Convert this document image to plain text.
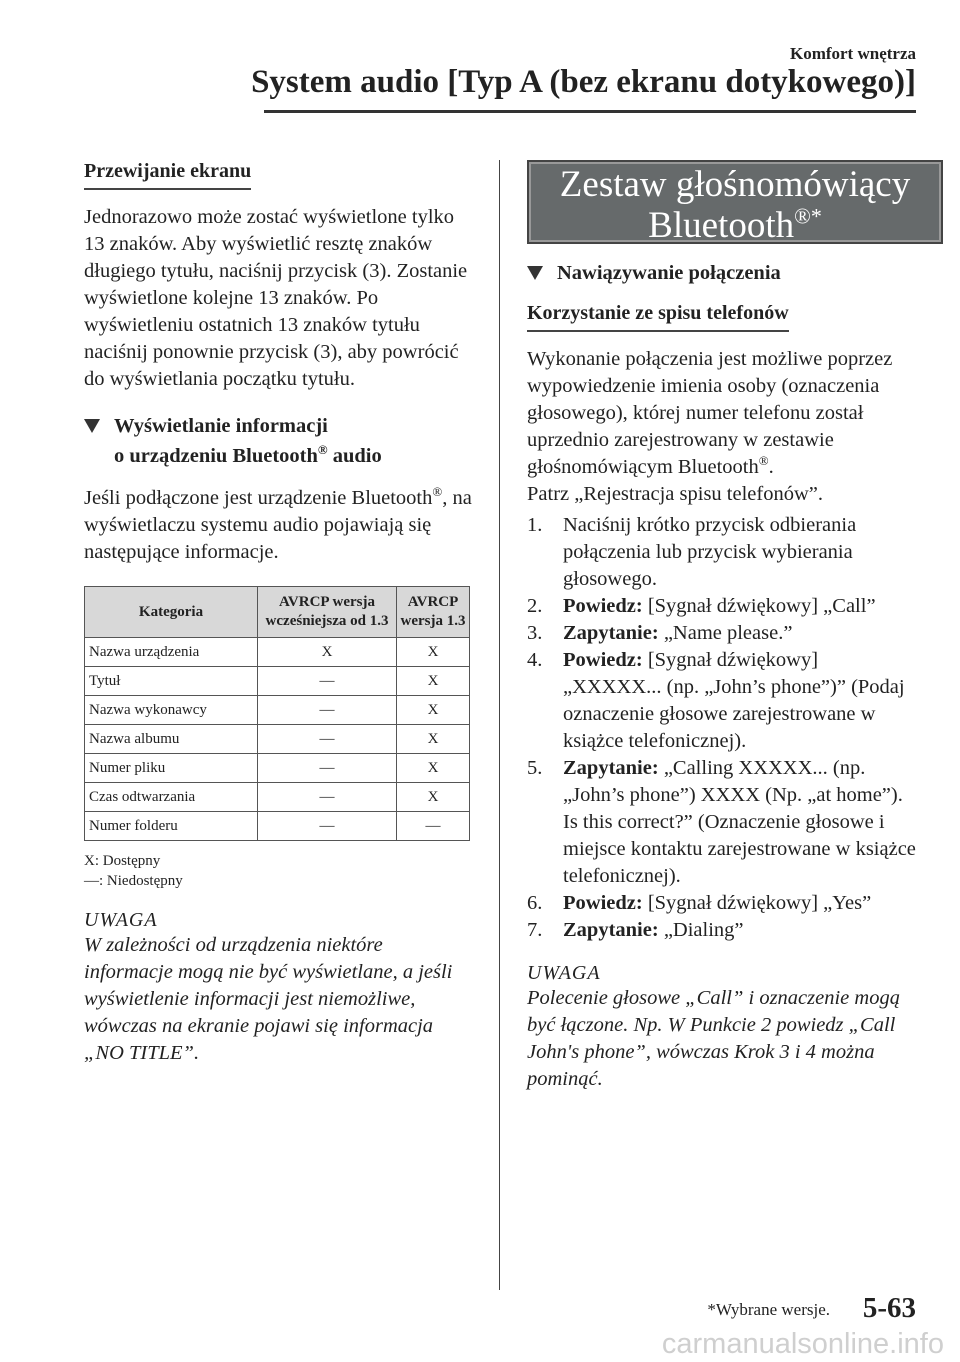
Komfort wnętrza
System audio [Typ A (bez ekranu dotykowego)]
Przewijanie ekranu

Jednorazowo może zostać wyświetlone tylko 13 znaków. Aby wyświetlić resztę znaków długiego tytułu, naciśnij przycisk (3). Zostanie wyświetlone kolejne 13 znaków. Po wyświetleniu ostatnich 13 znaków tytułu naciśnij ponownie przycisk (3), aby powrócić do wyświetlania początku tytułu.

Wyświetlanie informacji
o urządzeniu Bluetooth® audio

Jeśli podłączone jest urządzenie Bluetooth®, na wyświetlaczu systemu audio pojawiają się następujące informacje.

Kategoria	AVRCP wersja wcześniejsza od 1.3	AVRCP wersja 1.3
Nazwa urządzenia	X	X
Tytuł	—	X
Nazwa wykonawcy	—	X
Nazwa albumu	—	X
Numer pliku	—	X
Czas odtwarzania	—	X
Numer folderu	—	—
X: Dostępny
—: Niedostępny
UWAGA
W zależności od urządzenia niektóre informacje mogą nie być wyświetlane, a jeśli wyświetlenie informacji jest niemożliwe, wówczas na ekranie pojawi się informacja „NO TITLE”.
Zestaw głośnomówiący
Bluetooth®*
Nawiązywanie połączenia
Korzystanie ze spisu telefonów

Wykonanie połączenia jest możliwe poprzez wypowiedzenie imienia osoby (oznaczenia głosowego), której numer telefonu został uprzednio zarejestrowany w zestawie głośnomówiącym Bluetooth®.
Patrz „Rejestracja spisu telefonów”.

1. Naciśnij krótko przycisk odbierania połączenia lub przycisk wybierania głosowego.
2. Powiedz: [Sygnał dźwiękowy] „Call”
3. Zapytanie: „Name please.”
4. Powiedz: [Sygnał dźwiękowy] „XXXXX... (np. „John’s phone”)” (Podaj oznaczenie głosowe zarejestrowane w książce telefonicznej).
5. Zapytanie: „Calling XXXXX... (np. „John’s phone”) XXXX (Np. „at home”). Is this correct?” (Oznaczenie głosowe i miejsce kontaktu zarejestrowane w książce telefonicznej).
6. Powiedz: [Sygnał dźwiękowy] „Yes”
7. Zapytanie: „Dialing”
UWAGA
Polecenie głosowe „Call” i oznaczenie mogą być łączone. Np. W Punkcie 2 powiedz „Call John's phone”, wówczas Krok 3 i 4 można pominąć.
*Wybrane wersje. 5-63
carmanualsonline.info
